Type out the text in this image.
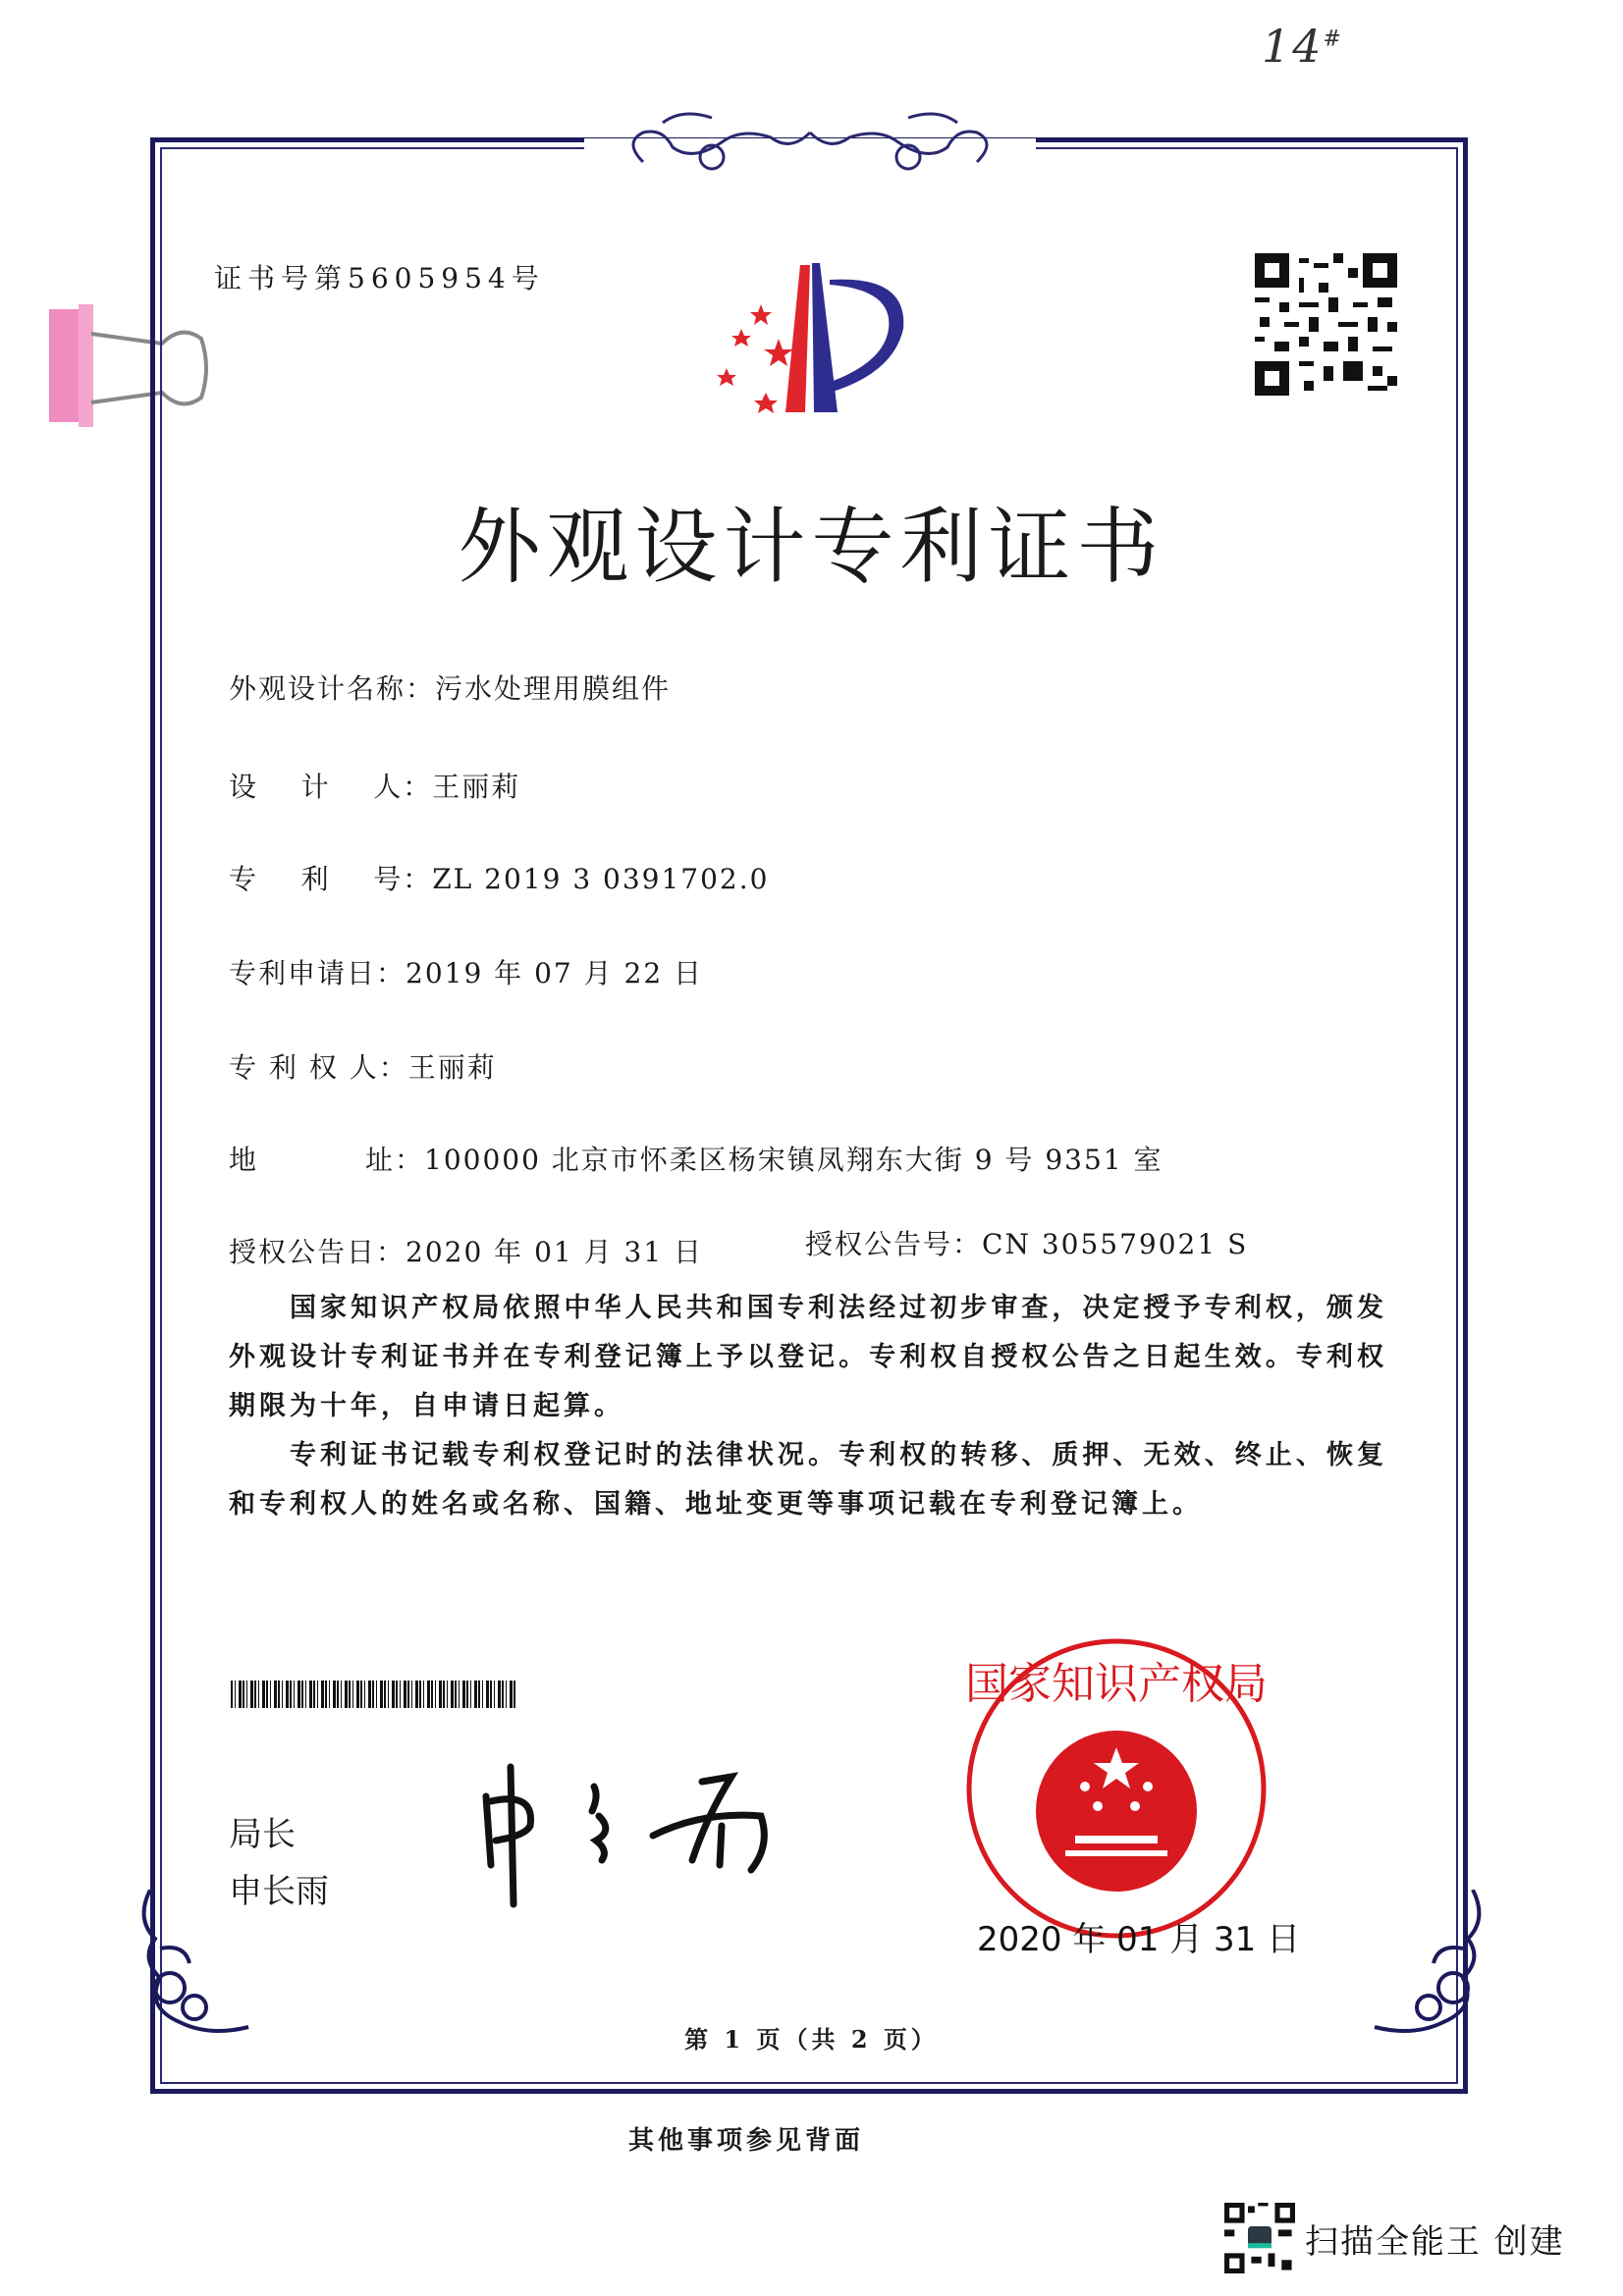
14#
证书号第5605954号
外观设计专利证书
外观设计名称：污水处理用膜组件
设    计    人：王丽莉
专    利    号：ZL 2019 3 0391702.0
专利申请日：2019 年 07 月 22 日
专 利 权 人：王丽莉
地          址：100000 北京市怀柔区杨宋镇凤翔东大街 9 号 9351 室
授权公告日：2020 年 01 月 31 日	授权公告号：CN 305579021 S
国家知识产权局依照中华人民共和国专利法经过初步审查，决定授予专利权，颁发外观设计专利证书并在专利登记簿上予以登记。专利权自授权公告之日起生效。专利权期限为十年，自申请日起算。
专利证书记载专利权登记时的法律状况。专利权的转移、质押、无效、终止、恢复和专利权人的姓名或名称、国籍、地址变更等事项记载在专利登记簿上。
局长
申长雨
国家知识产权局
2020 年 01 月 31 日
第 1 页（共 2 页）
其他事项参见背面
扫描全能王 创建
